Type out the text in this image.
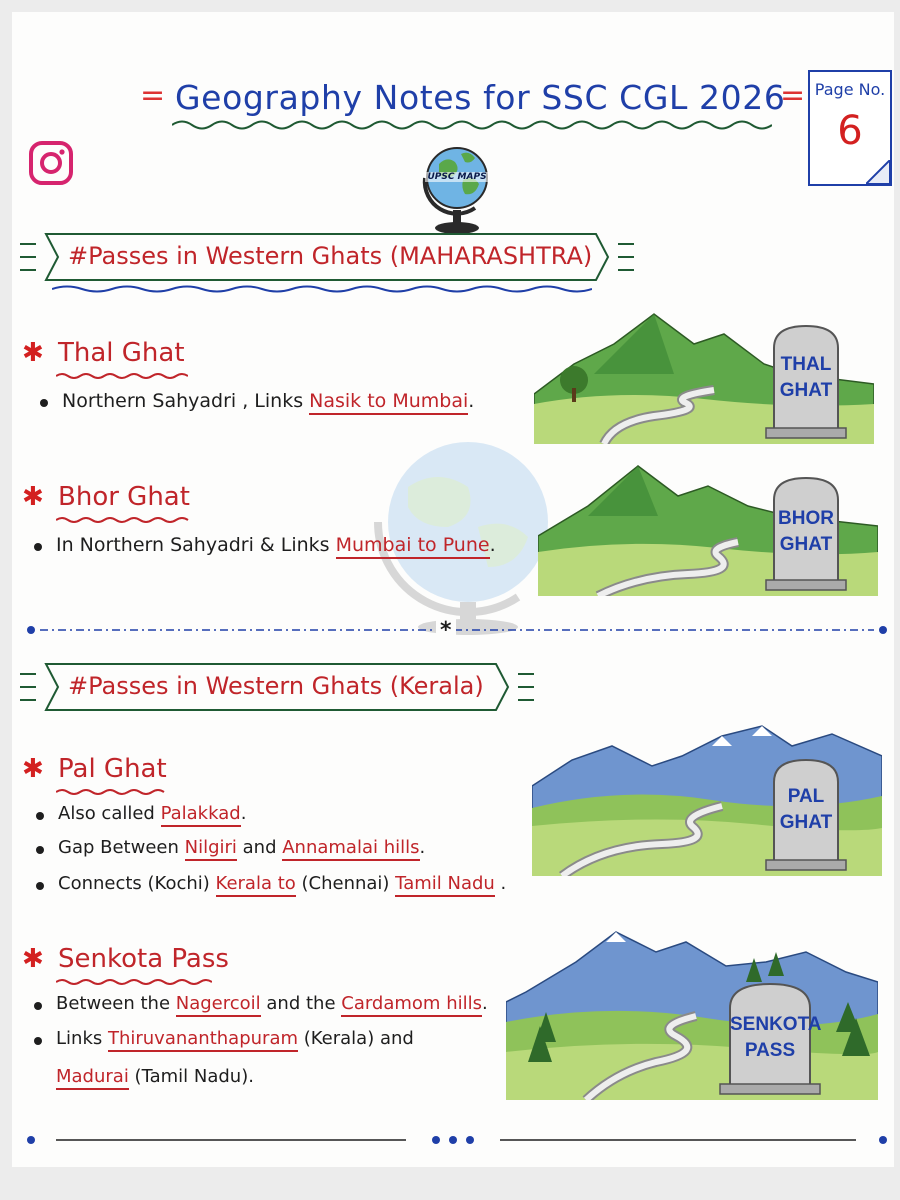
= Geography Notes for SSC CGL 2026
= Page No.
6
UPSC MAPS
#Passes in Western Ghats (MAHARASHTRA)
✱ Thal Ghat
Northern Sahyadri , Links Nasik to Mumbai.
THAL
GHAT
✱ Bhor Ghat
In Northern Sahyadri & Links Mumbai to Pune.
BHOR
GHAT
*
#Passes in Western Ghats (Kerala)
✱ Pal Ghat
Also called Palakkad.
Gap Between Nilgiri and Annamalai hills.
Connects (Kochi) Kerala to (Chennai) Tamil Nadu .
PAL
GHAT
✱ Senkota Pass
Between the Nagercoil and the Cardamom hills.
Links Thiruvananthapuram (Kerala) and
Madurai (Tamil Nadu).
SENKOTA
PASS
